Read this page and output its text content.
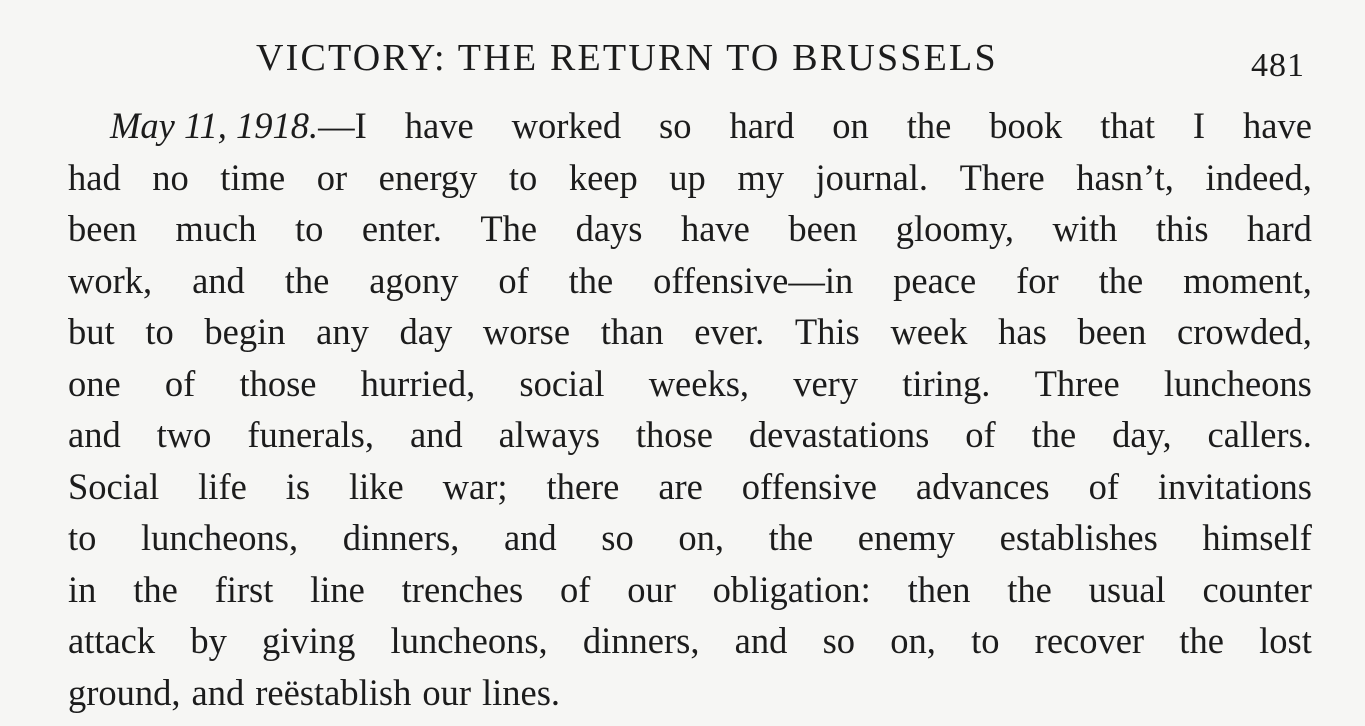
VICTORY: THE RETURN TO BRUSSELS	481
May 11, 1918.—I have worked so hard on the book that I have
had no time or energy to keep up my journal. There hasn’t, indeed,
been much to enter. The days have been gloomy, with this hard
work, and the agony of the offensive—in peace for the moment,
but to begin any day worse than ever. This week has been crowded,
one of those hurried, social weeks, very tiring. Three luncheons
and two funerals, and always those devastations of the day, callers.
Social life is like war; there are offensive advances of invitations
to luncheons, dinners, and so on, the enemy establishes himself
in the first line trenches of our obligation: then the usual counter
attack by giving luncheons, dinners, and so on, to recover the lost
ground, and reëstablish our lines.
